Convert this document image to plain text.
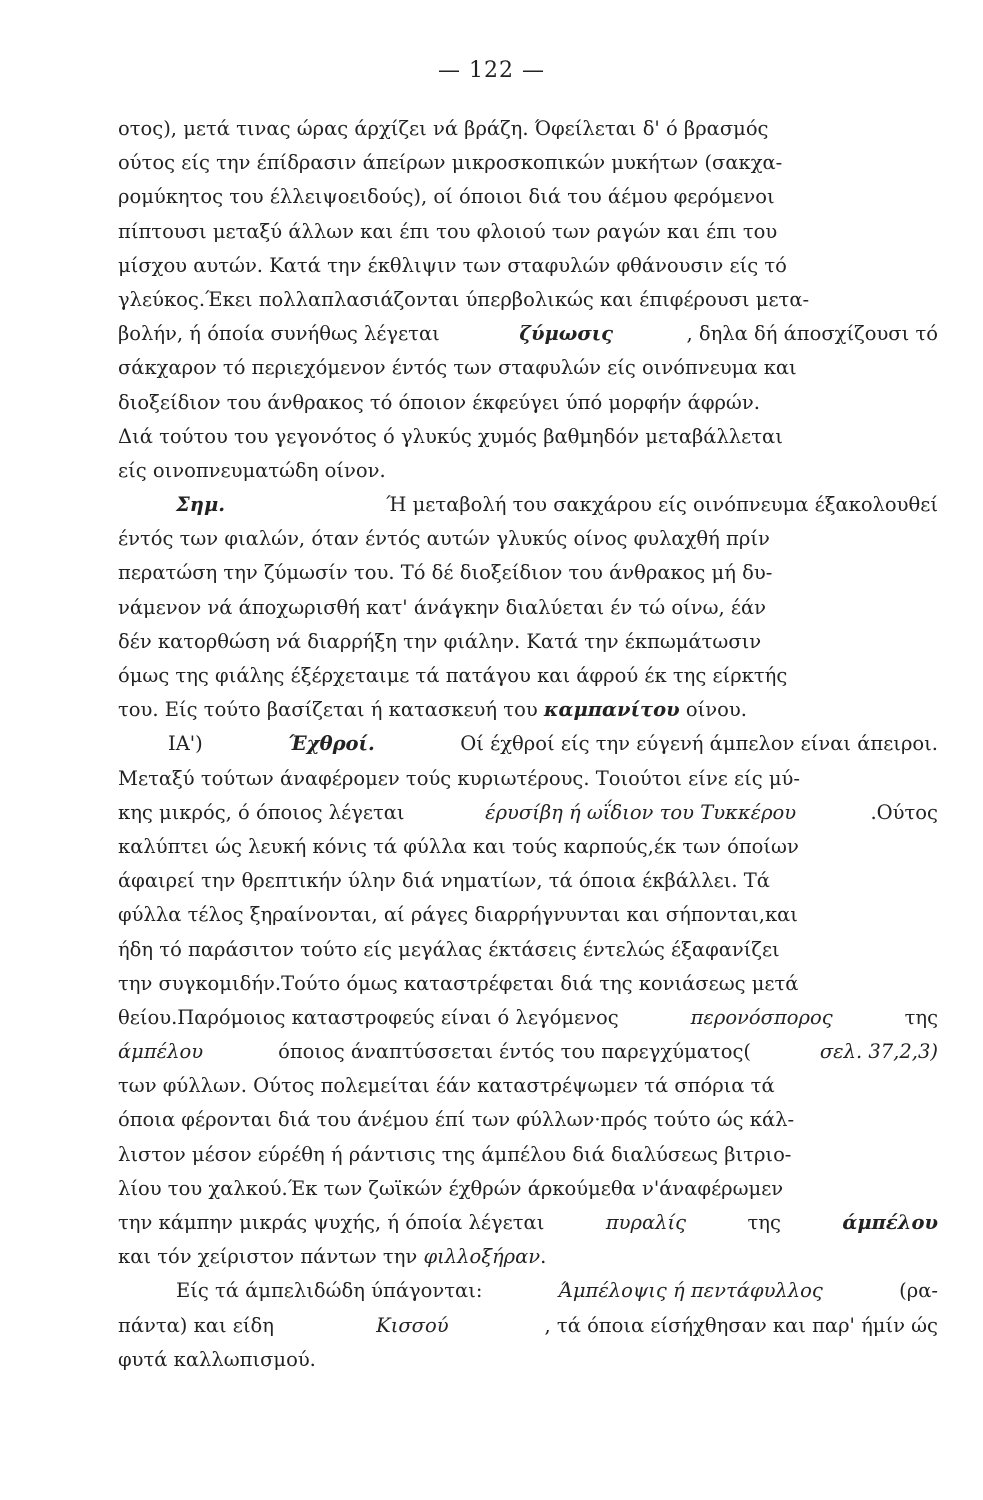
— 122 —
οτος), μετά τινας ώρας άρχίζει νά βράζη. Όφείλεται δ' ό βρασμός
ούτος είς την έπίδρασιν άπείρων μικροσκοπικών μυκήτων (σακχα-
ρομύκητος του έλλειψοειδούς), οί όποιοι διά του άέμου φερόμενοι
πίπτουσι μεταξύ άλλων και έπι του φλοιού των ραγών και έπι του
μίσχου αυτών. Κατά την έκθλιψιν των σταφυλών φθάνουσιν είς τό
γλεύκος.Έκει πολλαπλασιάζονται ύπερβολικώς και έπιφέρουσι μετα-
βολήν, ή όποία συνήθως λέγεται	ζύμωσις	, δηλα δή άποσχίζουσι τό
σάκχαρον τό περιεχόμενον έντός των σταφυλών είς οινόπνευμα και
διοξείδιον του άνθρακος τό όποιον έκφεύγει ύπό μορφήν άφρών.
Διά τούτου του γεγονότος ό γλυκύς χυμός βαθμηδόν μεταβάλλεται
είς οινοπνευματώδη οίνον.
Σημ.	Ή μεταβολή του σακχάρου είς οινόπνευμα έξακολουθεί
έντός των φιαλών, όταν έντός αυτών γλυκύς οίνος φυλαχθή πρίν
περατώση την ζύμωσίν του. Τό δέ διοξείδιον του άνθρακος μή δυ-
νάμενον νά άποχωρισθή κατ' άνάγκην διαλύεται έν τώ οίνω, έάν
δέν κατορθώση νά διαρρήξη την φιάλην. Κατά την έκπωμάτωσιν
όμως της φιάλης έξέρχεταιμε τά πατάγου και άφρού έκ της είρκτής
του. Είς τούτο βασίζεται ή κατασκευή του καμπανίτου οίνου.
ΙΑ')	Έχθροί.	Οί έχθροί είς την εύγενή άμπελον είναι άπειροι.
Μεταξύ τούτων άναφέρομεν τούς κυριωτέρους. Τοιούτοι είνε είς μύ-
κης μικρός, ό όποιος λέγεται	έρυσίβη ή ωΐδιον του Τυκκέρου	.Ούτος
καλύπτει ώς λευκή κόνις τά φύλλα και τούς καρπούς,έκ των όποίων
άφαιρεί την θρεπτικήν ύλην διά νηματίων, τά όποια έκβάλλει. Τά
φύλλα τέλος ξηραίνονται, αί ράγες διαρρήγνυνται και σήπονται,και
ήδη τό παράσιτον τούτο είς μεγάλας έκτάσεις έντελώς έξαφανίζει
την συγκομιδήν.Τούτο όμως καταστρέφεται διά της κονιάσεως μετά
θείου.Παρόμοιος καταστροφεύς είναι ό λεγόμενος	περονόσπορος	της
άμπέλου	όποιος άναπτύσσεται έντός του παρεγχύματος(	σελ. 37,2,3)
των φύλλων. Ούτος πολεμείται έάν καταστρέψωμεν τά σπόρια τά
όποια φέρονται διά του άνέμου έπί των φύλλων·πρός τούτο ώς κάλ-
λιστον μέσον εύρέθη ή ράντισις της άμπέλου διά διαλύσεως βιτριο-
λίου του χαλκού.Έκ των ζωϊκών έχθρών άρκούμεθα ν'άναφέρωμεν
την κάμπην μικράς ψυχής, ή όποία λέγεται	πυραλίς	της	άμπέλου
και τόν χείριστον πάντων την φιλλοξήραν .
Είς τά άμπελιδώδη ύπάγονται:	Άμπέλοψις ή πεντάφυλλος	(ρα-
πάντα) και είδη	Κισσού	, τά όποια είσήχθησαν και παρ' ήμίν ώς
φυτά καλλωπισμού.
